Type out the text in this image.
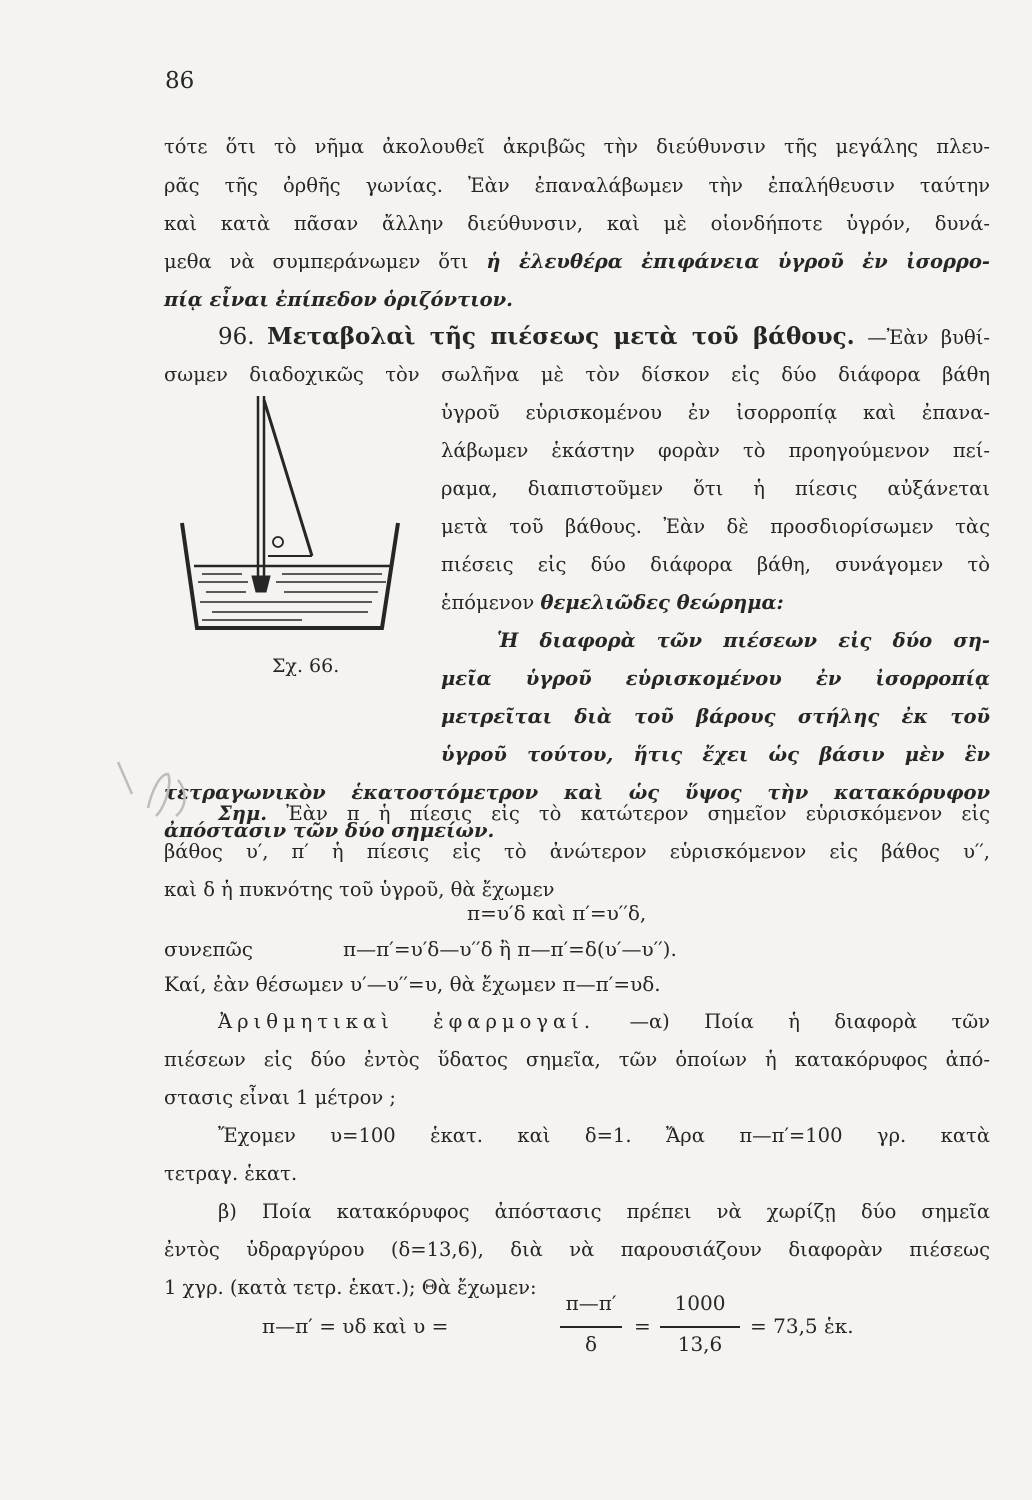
86
τότε ὅτι τὸ νῆμα ἀκολουθεῖ ἀκριβῶς τὴν διεύθυνσιν τῆς μεγάλης πλευ-
ρᾶς τῆς ὀρθῆς γωνίας. Ἐὰν ἐπαναλάβωμεν τὴν ἐπαλήθευσιν ταύτην
καὶ κατὰ πᾶσαν ἄλλην διεύθυνσιν, καὶ μὲ οἱονδήποτε ὑγρόν, δυνά-
μεθα νὰ συμπεράνωμεν ὅτι ἡ ἐλευθέρα ἐπιφάνεια ὑγροῦ ἐν ἰσορρο-
πίᾳ εἶναι ἐπίπεδον ὁριζόντιον.
96. Μεταβολαὶ τῆς πιέσεως μετὰ τοῦ βάθους. —Ἐὰν βυθί-
σωμεν διαδοχικῶς τὸν σωλῆνα μὲ τὸν δίσκον εἰς δύο διάφορα βάθη
ὑγροῦ εὑρισκομένου ἐν ἰσορροπίᾳ καὶ ἐπανα-
λάβωμεν ἑκάστην φορὰν τὸ προηγούμενον πεί-
ραμα, διαπιστοῦμεν ὅτι ἡ πίεσις αὐξάνεται
μετὰ τοῦ βάθους. Ἐὰν δὲ προσδιορίσωμεν τὰς
πιέσεις εἰς δύο διάφορα βάθη, συνάγομεν τὸ
ἑπόμενον θεμελιῶδες θεώρημα:
Ἡ διαφορὰ τῶν πιέσεων εἰς δύο ση-
μεῖα ὑγροῦ εὑρισκομένου ἐν ἰσορροπίᾳ
μετρεῖται διὰ τοῦ βάρους στήλης ἐκ τοῦ
ὑγροῦ τούτου, ἥτις ἔχει ὡς βάσιν μὲν ἓν
τετραγωνικὸν ἑκατοστόμετρον καὶ ὡς ὕψος τὴν κατακόρυφον
ἀπόστασιν τῶν δύο σημείων.
Σχ. 66.
Σημ. Ἐὰν π ἡ πίεσις εἰς τὸ κατώτερον σημεῖον εὑρισκόμενον εἰς
βάθος υ′, π′ ἡ πίεσις εἰς τὸ ἀνώτερον εὑρισκόμενον εἰς βάθος υ′′,
καὶ δ ἡ πυκνότης τοῦ ὑγροῦ, θὰ ἔχωμεν
π=υ′δ καὶ π′=υ′′δ,
συνεπῶς	π—π′=υ′δ—υ′′δ ἢ π—π′=δ(υ′—υ′′).
Καί, ἐὰν θέσωμεν υ′—υ′′=υ, θὰ ἔχωμεν π—π′=υδ.
Ἀριθμητικαὶ ἐφαρμογαί. —α) Ποία ἡ διαφορὰ τῶν
πιέσεων εἰς δύο ἐντὸς ὕδατος σημεῖα, τῶν ὁποίων ἡ κατακόρυφος ἀπό-
στασις εἶναι 1 μέτρον ;
Ἔχομεν υ=100 ἑκατ. καὶ δ=1. Ἄρα π—π′=100 γρ. κατὰ
τετραγ. ἑκατ.
β) Ποία κατακόρυφος ἀπόστασις πρέπει νὰ χωρίζῃ δύο σημεῖα
ἐντὸς ὑδραργύρου (δ=13,6), διὰ νὰ παρουσιάζουν διαφορὰν πιέσεως
1 χγρ. (κατὰ τετρ. ἑκατ.); Θὰ ἔχωμεν:
π—π′ = υδ καὶ υ =
π—π′
δ
=
1000
13,6
= 73,5 ἑκ.
